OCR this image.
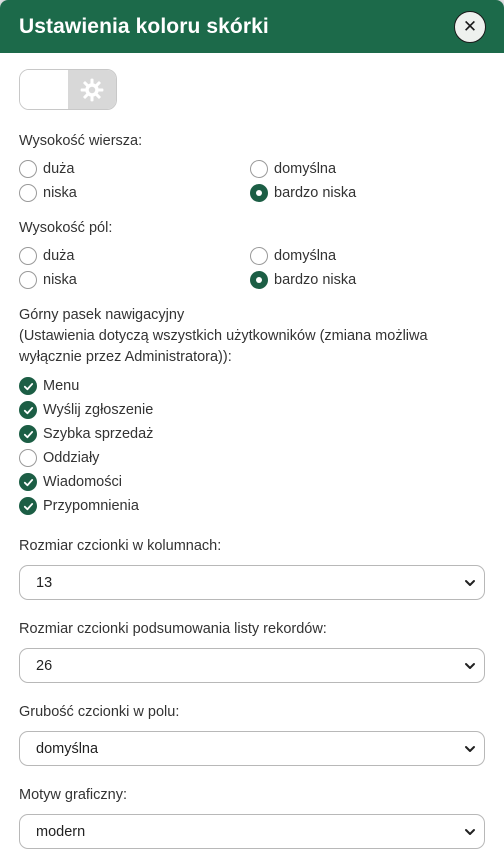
Ustawienia koloru skórki	✕
Wysokość wiersza:
duża	domyślna
niska	bardzo niska
Wysokość pól:
duża	domyślna
niska	bardzo niska
Górny pasek nawigacyjny
(Ustawienia dotyczą wszystkich użytkowników (zmiana możliwa wyłącznie przez Administratora)):
Menu
Wyślij zgłoszenie
Szybka sprzedaż
Oddziały
Wiadomości
Przypomnienia
Rozmiar czcionki w kolumnach:
13
Rozmiar czcionki podsumowania listy rekordów:
26
Grubość czcionki w polu:
domyślna
Motyw graficzny:
modern
